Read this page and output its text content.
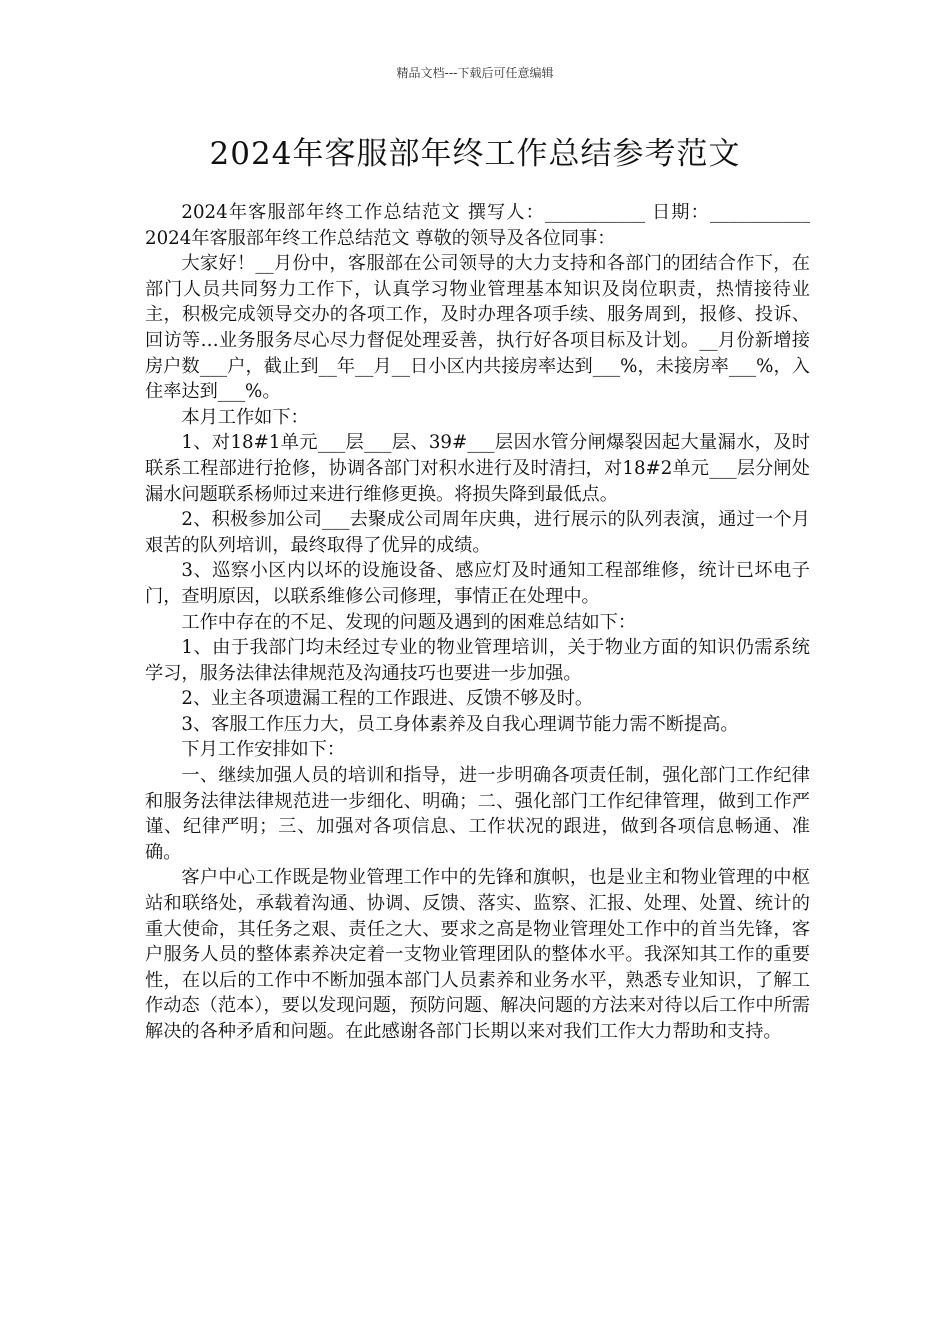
精品文档---下载后可任意编辑
2024年客服部年终工作总结参考范文

2024年客服部年终工作总结范文 撰写人：___________ 日期：___________ 2024年客服部年终工作总结范文 尊敬的领导及各位同事：

大家好！__月份中，客服部在公司领导的大力支持和各部门的团结合作下，在部门人员共同努力工作下，认真学习物业管理基本知识及岗位职责，热情接待业主，积极完成领导交办的各项工作，及时办理各项手续、服务周到，报修、投诉、回访等…业务服务尽心尽力督促处理妥善，执行好各项目标及计划。__月份新增接房户数___户，截止到__年__月__日小区内共接房率达到___%，未接房率___%，入住率达到___%。

本月工作如下：

1、对18#1单元___层___层、39#___层因水管分闸爆裂因起大量漏水，及时联系工程部进行抢修，协调各部门对积水进行及时清扫，对18#2单元___层分闸处漏水问题联系杨师过来进行维修更换。将损失降到最低点。

2、积极参加公司___去聚成公司周年庆典，进行展示的队列表演，通过一个月艰苦的队列培训，最终取得了优异的成绩。

3、巡察小区内以坏的设施设备、感应灯及时通知工程部维修，统计已坏电子门，查明原因，以联系维修公司修理，事情正在处理中。

工作中存在的不足、发现的问题及遇到的困难总结如下：

1、由于我部门均未经过专业的物业管理培训，关于物业方面的知识仍需系统学习，服务法律法律规范及沟通技巧也要进一步加强。

2、业主各项遗漏工程的工作跟进、反馈不够及时。

3、客服工作压力大，员工身体素养及自我心理调节能力需不断提高。

下月工作安排如下：

一、继续加强人员的培训和指导，进一步明确各项责任制，强化部门工作纪律和服务法律法律规范进一步细化、明确；二、强化部门工作纪律管理，做到工作严谨、纪律严明；三、加强对各项信息、工作状况的跟进，做到各项信息畅通、准确。

客户中心工作既是物业管理工作中的先锋和旗帜，也是业主和物业管理的中枢站和联络处，承载着沟通、协调、反馈、落实、监察、汇报、处理、处置、统计的重大使命，其任务之艰、责任之大、要求之高是物业管理处工作中的首当先锋，客户服务人员的整体素养决定着一支物业管理团队的整体水平。我深知其工作的重要性，在以后的工作中不断加强本部门人员素养和业务水平，熟悉专业知识，了解工作动态（范本），要以发现问题，预防问题、解决问题的方法来对待以后工作中所需解决的各种矛盾和问题。在此感谢各部门长期以来对我们工作大力帮助和支持。
